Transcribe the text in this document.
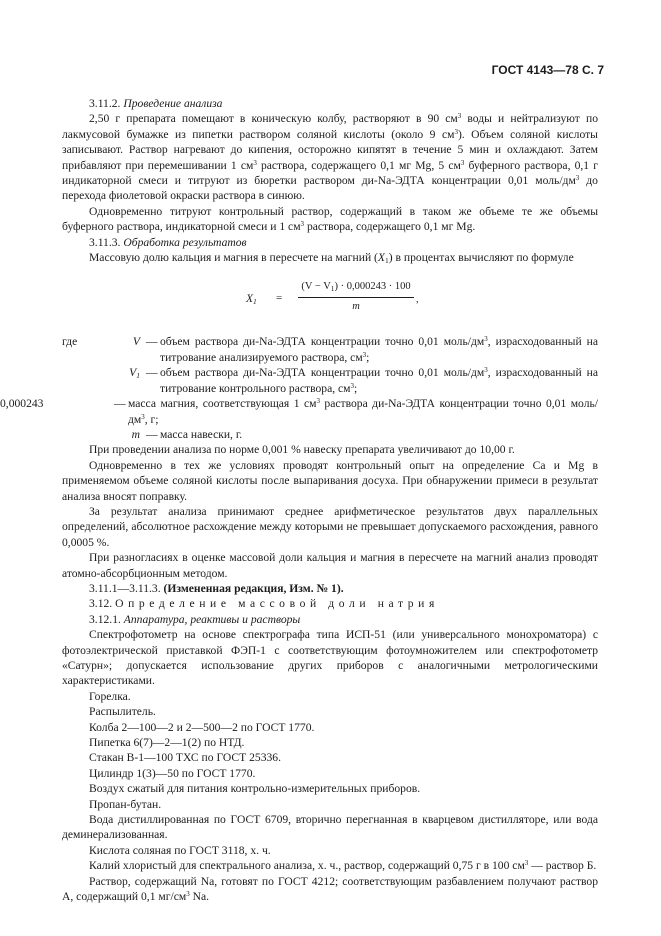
ГОСТ 4143—78 С. 7

3.11.2. Проведение анализа

2,50 г препарата помещают в коническую колбу, растворяют в 90 $см^3$ воды и нейтрализуют по лакмусовой бумажке из пипетки раствором соляной кислоты (около 9 $см^3$). Объем соляной кислоты записывают. Раствор нагревают до кипения, осторожно кипятят в течение 5 мин и охлаждают. Затем прибавляют при перемешивании 1 $см^3$ раствора, содержащего 0,1 мг Mg, 5 $см^3$ буферного раствора, 0,1 г индикаторной смеси и титруют из бюретки раствором ди-Na-ЭДТА концентрации 0,01 моль/$дм^3$ до перехода фиолетовой окраски раствора в синюю.

Одновременно титруют контрольный раствор, содержащий в таком же объеме те же объемы буферного раствора, индикаторной смеси и 1 $см^3$ раствора, содержащего 0,1 мг Mg.

3.11.3. Обработка результатов

Массовую долю кальция и магния в пересчете на магний $(X_1)$ в процентах вычисляют по формуле

$X_1 = \frac{(V - V_1) \cdot 0,000243 \cdot 100}{m}$ ,
где	V — объем раствора ди-Na-ЭДТА концентрации точно 0,01 моль/$дм^3$, израсходованный на титрование анализируемого раствора, $см^3$;
$V_1$ — объем раствора ди-Na-ЭДТА концентрации точно 0,01 моль/$дм^3$, израсходованный на титрование контрольного раствора, $см^3$;
0,000243	— масса магния, соответствующая 1 $см^3$ раствора ди-Na-ЭДТА концентрации точно 0,01 моль/$дм^3$, г;
m — масса навески, г.

При проведении анализа по норме 0,001 % навеску препарата увеличивают до 10,00 г.

Одновременно в тех же условиях проводят контрольный опыт на определение Ca и Mg в применяемом объеме соляной кислоты после выпаривания досуха. При обнаружении примеси в результат анализа вносят поправку.

За результат анализа принимают среднее арифметическое результатов двух параллельных определений, абсолютное расхождение между которыми не превышает допускаемого расхождения, равного 0,0005 %.

При разногласиях в оценке массовой доли кальция и магния в пересчете на магний анализ проводят атомно-абсорбционным методом.

3.11.1—3.11.3. (Измененная редакция, Изм. № 1).

3.12. Определение массовой доли натрия

3.12.1. Аппаратура, реактивы и растворы

Спектрофотометр на основе спектрографа типа ИСП-51 (или универсального монохроматора) с фотоэлектрической приставкой ФЭП-1 с соответствующим фотоумножителем или спектрофотометр «Сатурн»; допускается использование других приборов с аналогичными метрологическими характеристиками.

Горелка.

Распылитель.

Колба 2—100—2 и 2—500—2 по ГОСТ 1770.

Пипетка 6(7)—2—1(2) по НТД.

Стакан В-1—100 ТХС по ГОСТ 25336.

Цилиндр 1(3)—50 по ГОСТ 1770.

Воздух сжатый для питания контрольно-измерительных приборов.

Пропан-бутан.

Вода дистиллированная по ГОСТ 6709, вторично перегнанная в кварцевом дистилляторе, или вода деминерализованная.

Кислота соляная по ГОСТ 3118, х. ч.

Калий хлористый для спектрального анализа, х. ч., раствор, содержащий 0,75 г в 100 $см^3$ — раствор Б.

Раствор, содержащий Na, готовят по ГОСТ 4212; соответствующим разбавлением получают раствор А, содержащий 0,1 $мг/см^3$ Na.
